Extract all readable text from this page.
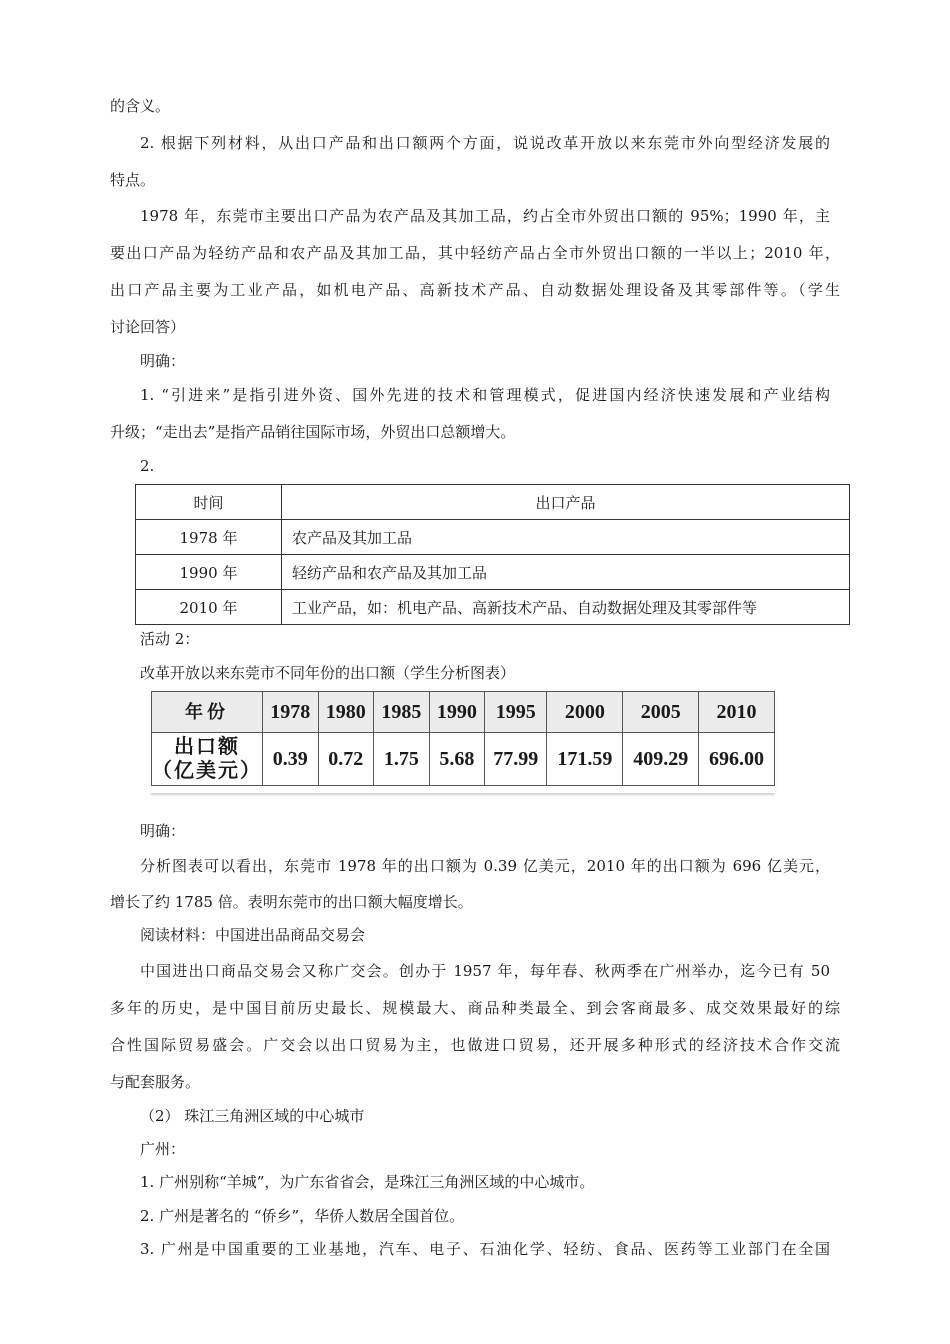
的含义。
2. 根据下列材料，从出口产品和出口额两个方面，说说改革开放以来东莞市外向型经济发展的
特点。
1978 年，东莞市主要出口产品为农产品及其加工品，约占全市外贸出口额的 95%；1990 年，主
要出口产品为轻纺产品和农产品及其加工品，其中轻纺产品占全市外贸出口额的一半以上；2010 年，
出口产品主要为工业产品，如机电产品、高新技术产品、自动数据处理设备及其零部件等。（学生
讨论回答）
明确：
1. “引进来”是指引进外资、国外先进的技术和管理模式，促进国内经济快速发展和产业结构
升级；“走出去”是指产品销往国际市场，外贸出口总额增大。
2.
时间	出口产品
1978 年	农产品及其加工品
1990 年	轻纺产品和农产品及其加工品
2010 年	工业产品，如：机电产品、高新技术产品、自动数据处理及其零部件等
活动 2：
改革开放以来东莞市不同年份的出口额（学生分析图表）
年份	1978	1980	1985	1990	1995	2000	2005	2010

出口额
（亿美元）	0.39	0.72	1.75	5.68	77.99	171.59	409.29	696.00
明确：
分析图表可以看出，东莞市 1978 年的出口额为 0.39 亿美元，2010 年的出口额为 696 亿美元，
增长了约 1785 倍。表明东莞市的出口额大幅度增长。
阅读材料：中国进出品商品交易会
中国进出口商品交易会又称广交会。创办于 1957 年，每年春、秋两季在广州举办，迄今已有 50
多年的历史，是中国目前历史最长、规模最大、商品种类最全、到会客商最多、成交效果最好的综
合性国际贸易盛会。广交会以出口贸易为主，也做进口贸易，还开展多种形式的经济技术合作交流
与配套服务。
（2） 珠江三角洲区域的中心城市
广州：
1. 广州别称“羊城”，为广东省省会，是珠江三角洲区域的中心城市。
2. 广州是著名的 “侨乡”，华侨人数居全国首位。
3. 广州是中国重要的工业基地，汽车、电子、石油化学、轻纺、食品、医药等工业部门在全国
